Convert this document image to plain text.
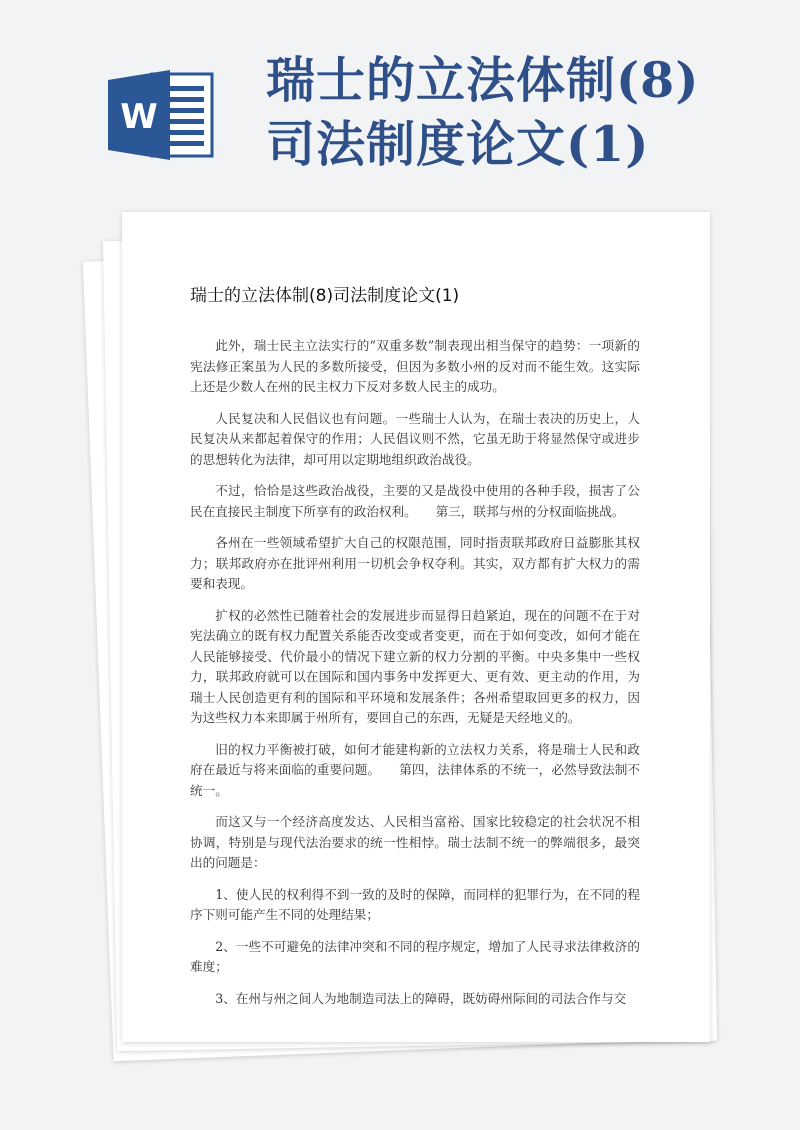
W
瑞士的立法体制(8)
司法制度论文(1)
瑞士的立法体制(8)司法制度论文(1)

此外，瑞士民主立法实行的“双重多数”制表现出相当保守的趋势：一项新的宪法修正案虽为人民的多数所接受，但因为多数小州的反对而不能生效。这实际上还是少数人在州的民主权力下反对多数人民主的成功。

人民复决和人民倡议也有问题。一些瑞士人认为，在瑞士表决的历史上，人民复决从来都起着保守的作用；人民倡议则不然，它虽无助于将显然保守或进步的思想转化为法律，却可用以定期地组织政治战役。

不过，恰恰是这些政治战役，主要的又是战役中使用的各种手段，损害了公民在直接民主制度下所享有的政治权利。　　第三，联邦与州的分权面临挑战。

各州在一些领域希望扩大自己的权限范围，同时指责联邦政府日益膨胀其权力；联邦政府亦在批评州利用一切机会争权夺利。其实，双方都有扩大权力的需要和表现。

扩权的必然性已随着社会的发展进步而显得日趋紧迫，现在的问题不在于对宪法确立的既有权力配置关系能否改变或者变更，而在于如何变改，如何才能在人民能够接受、代价最小的情况下建立新的权力分割的平衡。中央多集中一些权力，联邦政府就可以在国际和国内事务中发挥更大、更有效、更主动的作用，为瑞士人民创造更有利的国际和平环境和发展条件；各州希望取回更多的权力，因为这些权力本来即属于州所有，要回自己的东西，无疑是天经地义的。

旧的权力平衡被打破，如何才能建构新的立法权力关系，将是瑞士人民和政府在最近与将来面临的重要问题。　　第四，法律体系的不统一，必然导致法制不统一。

而这又与一个经济高度发达、人民相当富裕、国家比较稳定的社会状况不相协调，特别是与现代法治要求的统一性相悖。瑞士法制不统一的弊端很多，最突出的问题是：

1、使人民的权利得不到一致的及时的保障，而同样的犯罪行为，在不同的程序下则可能产生不同的处理结果；

2、一些不可避免的法律冲突和不同的程序规定，增加了人民寻求法律救济的难度；

3、在州与州之间人为地制造司法上的障碍，既妨碍州际间的司法合作与交
